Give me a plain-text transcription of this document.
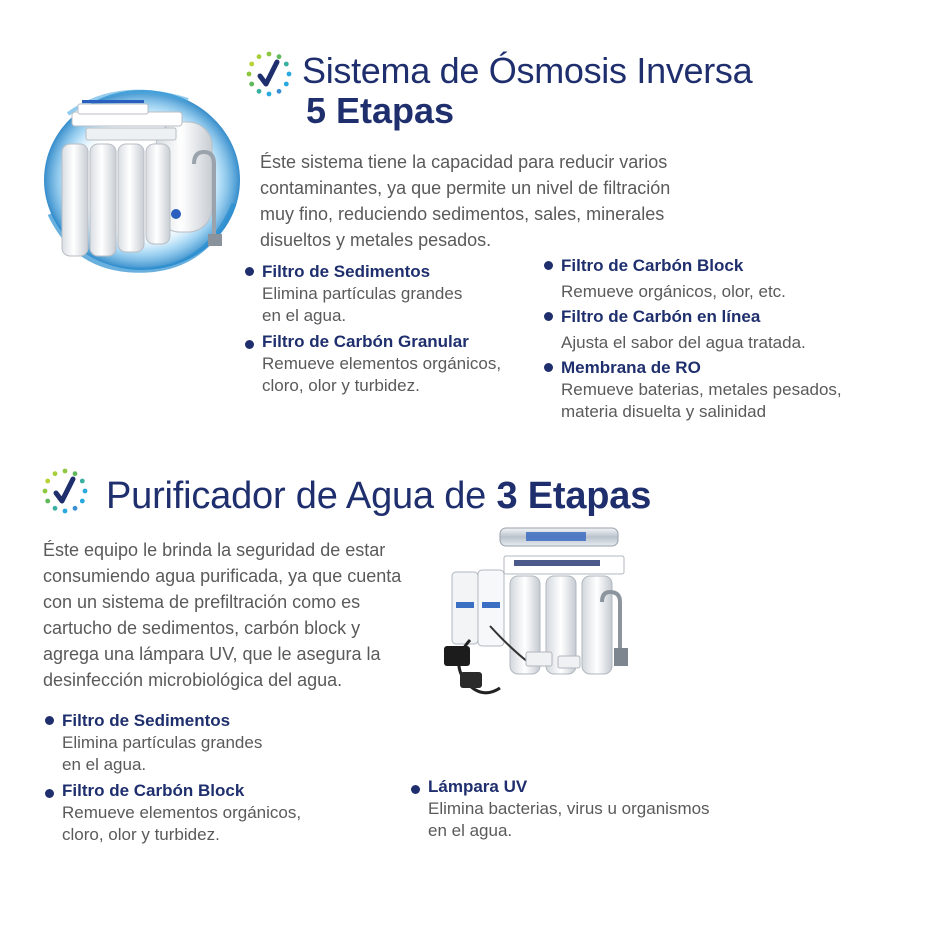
Sistema de Ósmosis Inversa
5 Etapas
Éste sistema tiene la capacidad para reducir varios
contaminantes, ya que permite un nivel de filtración
muy fino, reduciendo sedimentos, sales, minerales
disueltos y metales pesados.
Filtro de Sedimentos
Elimina partículas grandes
en el agua.
Filtro de Carbón Granular
Remueve elementos orgánicos,
cloro, olor y turbidez.
Filtro de Carbón Block
Remueve orgánicos, olor, etc.
Filtro de Carbón en línea
Ajusta el sabor del agua tratada.
Membrana de RO
Remueve baterias, metales pesados,
materia disuelta y salinidad
Purificador de Agua de 3 Etapas
Éste equipo le brinda la seguridad de estar
consumiendo agua purificada, ya que cuenta
con un sistema de prefiltración como es
cartucho de sedimentos, carbón block y
agrega una lámpara UV, que le asegura la
desinfección microbiológica del agua.
Filtro de Sedimentos
Elimina partículas grandes
en el agua.
Filtro de Carbón Block
Remueve elementos orgánicos,
cloro, olor y turbidez.
Lámpara UV
Elimina bacterias, virus u organismos
en el agua.
